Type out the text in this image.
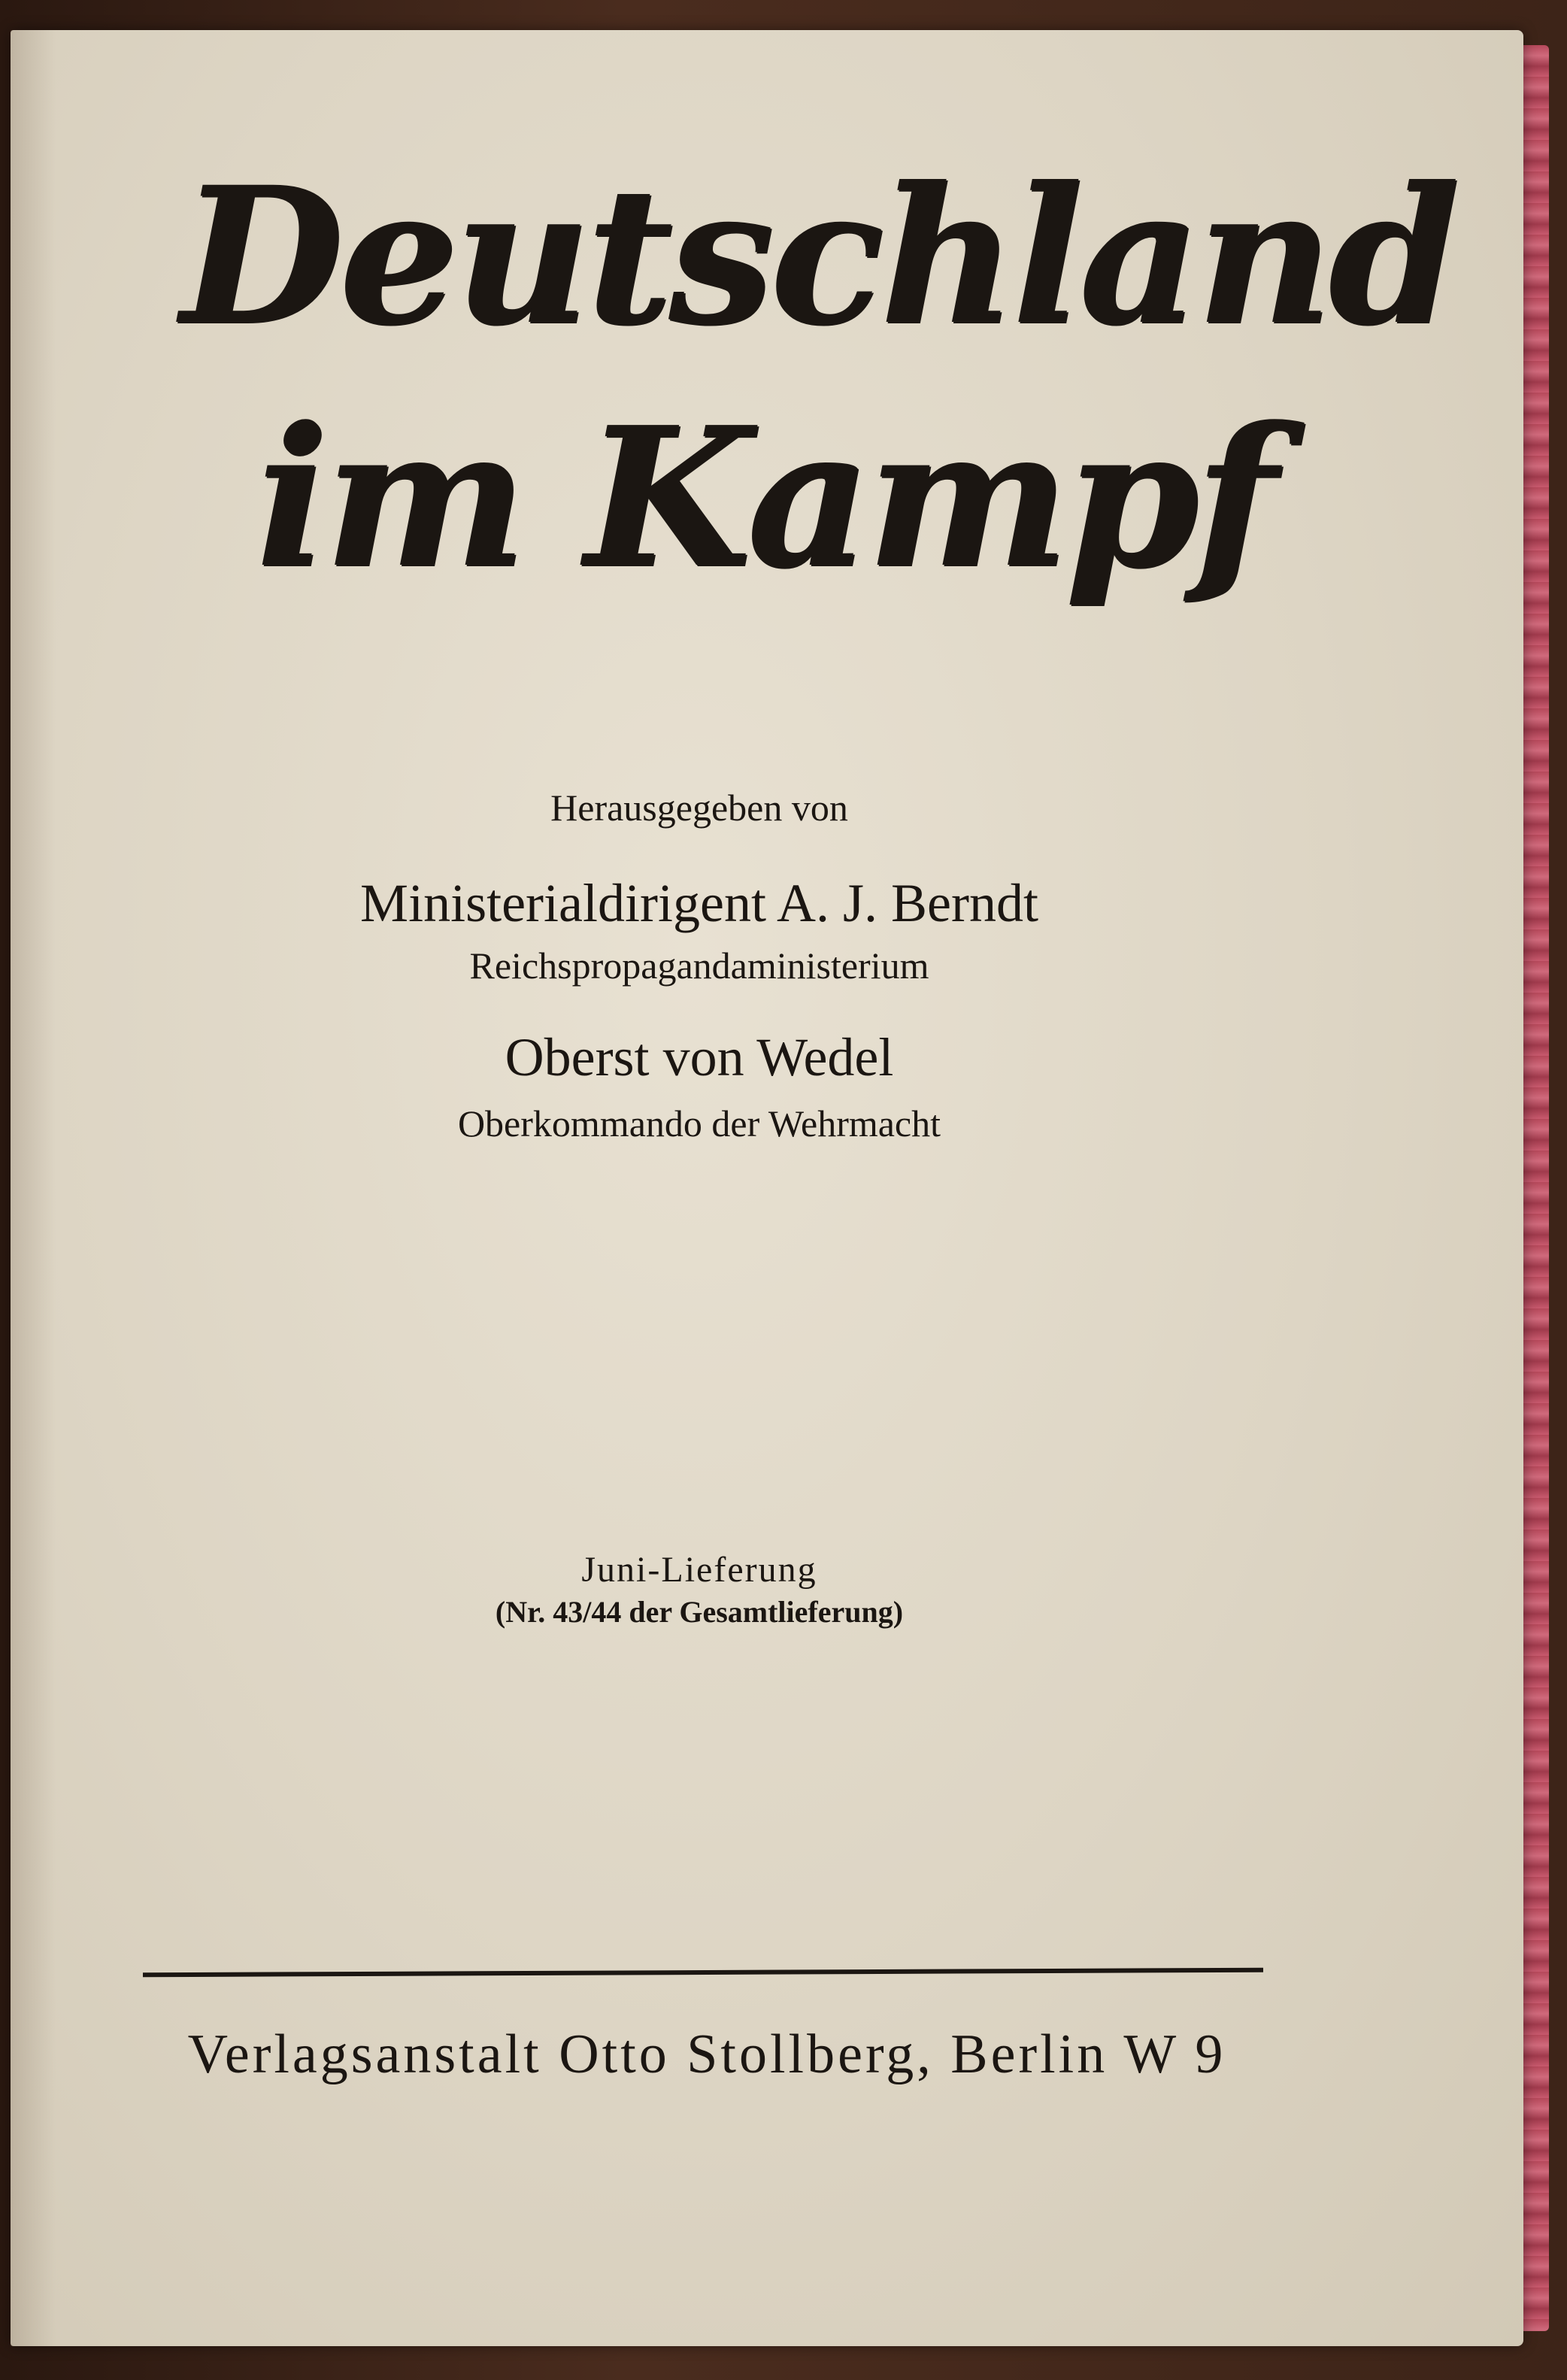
Deutschland
im Kampf
Herausgegeben von
Ministerialdirigent A. J. Berndt
Reichspropagandaministerium
Oberst von Wedel
Oberkommando der Wehrmacht
Juni-Lieferung
(Nr. 43/44 der Gesamtlieferung)
Verlagsanstalt Otto Stollberg, Berlin W 9
